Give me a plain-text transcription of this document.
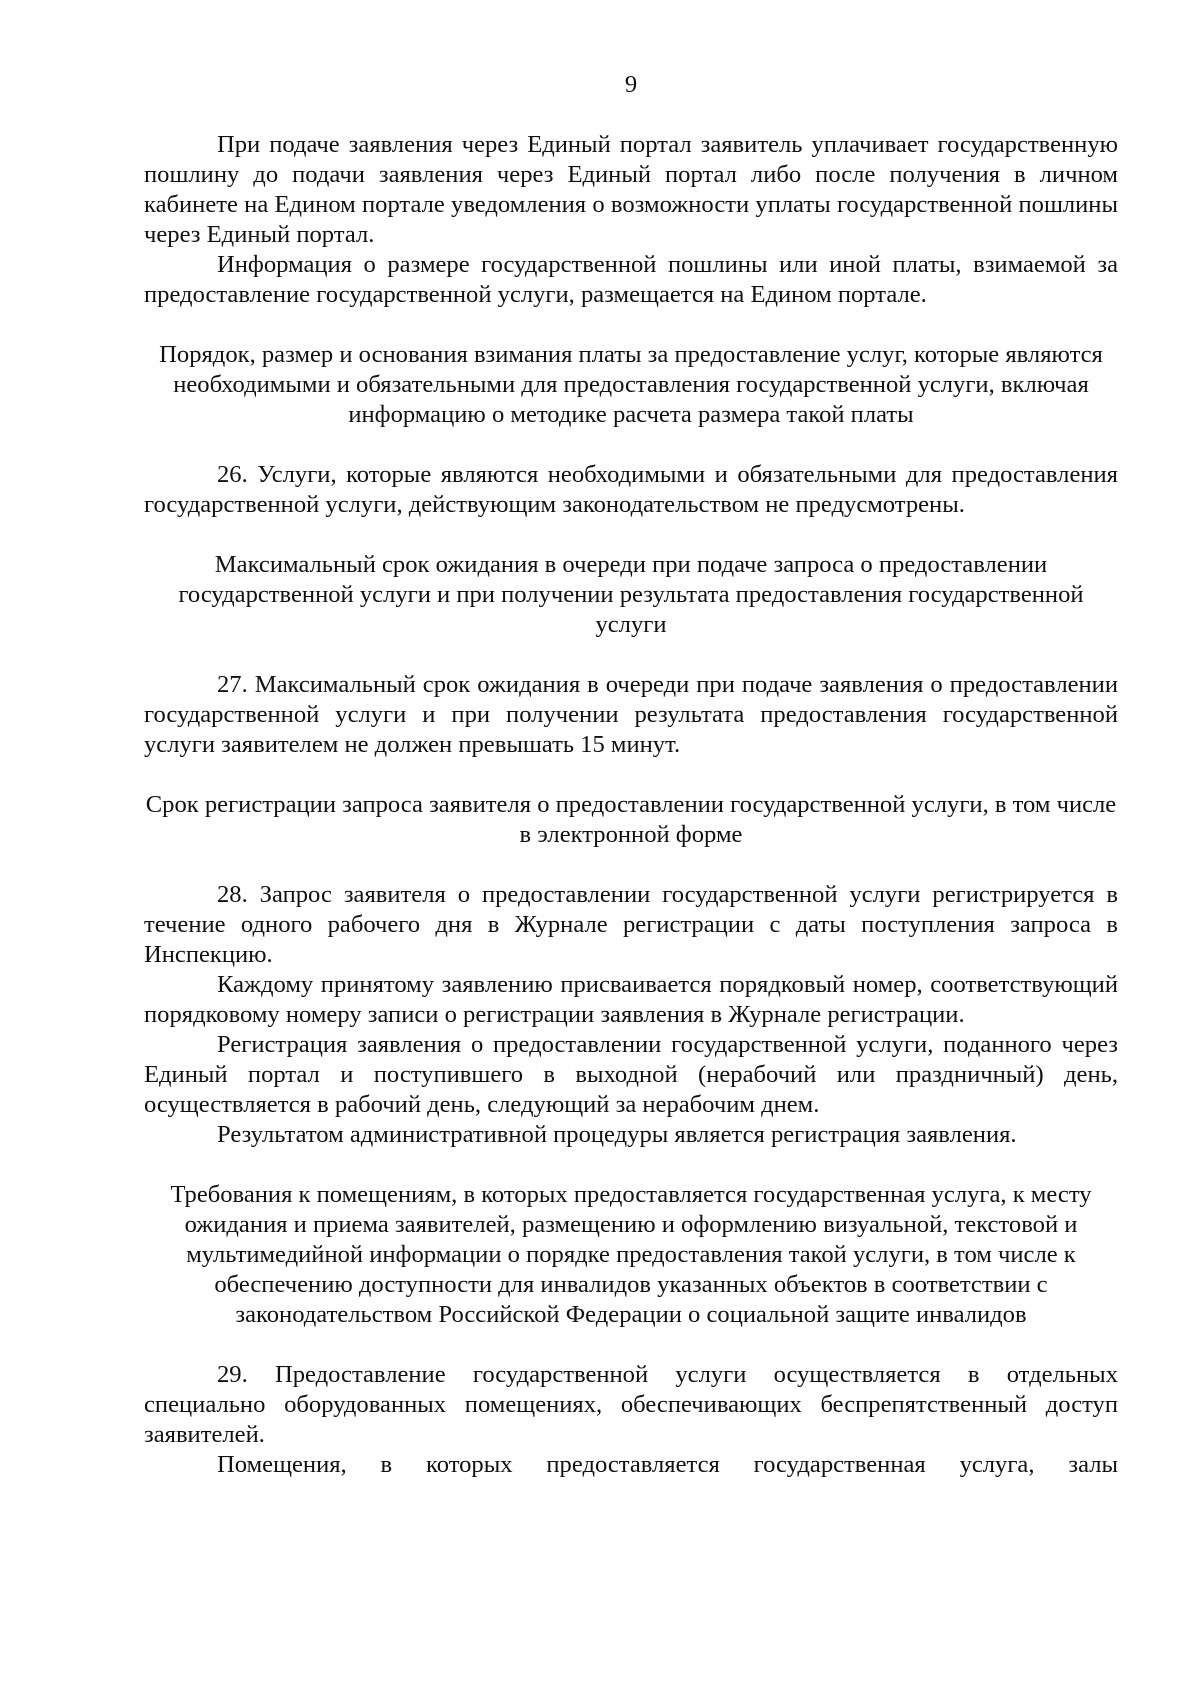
9

При подаче заявления через Единый портал заявитель уплачивает государственную пошлину до подачи заявления через Единый портал либо после получения в личном кабинете на Едином портале уведомления о возможности уплаты государственной пошлины через Единый портал.

Информация о размере государственной пошлины или иной платы, взимаемой за предоставление государственной услуги, размещается на Едином портале.

Порядок, размер и основания взимания платы за предоставление услуг, которые являются необходимыми и обязательными для предоставления государственной услуги, включая информацию о методике расчета размера такой платы

26. Услуги, которые являются необходимыми и обязательными для предоставления государственной услуги, действующим законодательством не предусмотрены.

Максимальный срок ожидания в очереди при подаче запроса о предоставлении государственной услуги и при получении результата предоставления государственной услуги

27. Максимальный срок ожидания в очереди при подаче заявления о предоставлении государственной услуги и при получении результата предоставления государственной услуги заявителем не должен превышать 15 минут.

Срок регистрации запроса заявителя о предоставлении государственной услуги, в том числе в электронной форме

28. Запрос заявителя о предоставлении государственной услуги регистрируется в течение одного рабочего дня в Журнале регистрации с даты поступления запроса в Инспекцию.

Каждому принятому заявлению присваивается порядковый номер, соответствующий порядковому номеру записи о регистрации заявления в Журнале регистрации.

Регистрация заявления о предоставлении государственной услуги, поданного через Единый портал и поступившего в выходной (нерабочий или праздничный) день, осуществляется в рабочий день, следующий за нерабочим днем.

Результатом административной процедуры является регистрация заявления.

Требования к помещениям, в которых предоставляется государственная услуга, к месту ожидания и приема заявителей, размещению и оформлению визуальной, текстовой и мультимедийной информации о порядке предоставления такой услуги, в том числе к обеспечению доступности для инвалидов указанных объектов в соответствии с законодательством Российской Федерации о социальной защите инвалидов

29. Предоставление государственной услуги осуществляется в отдельных специально оборудованных помещениях, обеспечивающих беспрепятственный доступ заявителей.

Помещения, в которых предоставляется государственная услуга, залы
